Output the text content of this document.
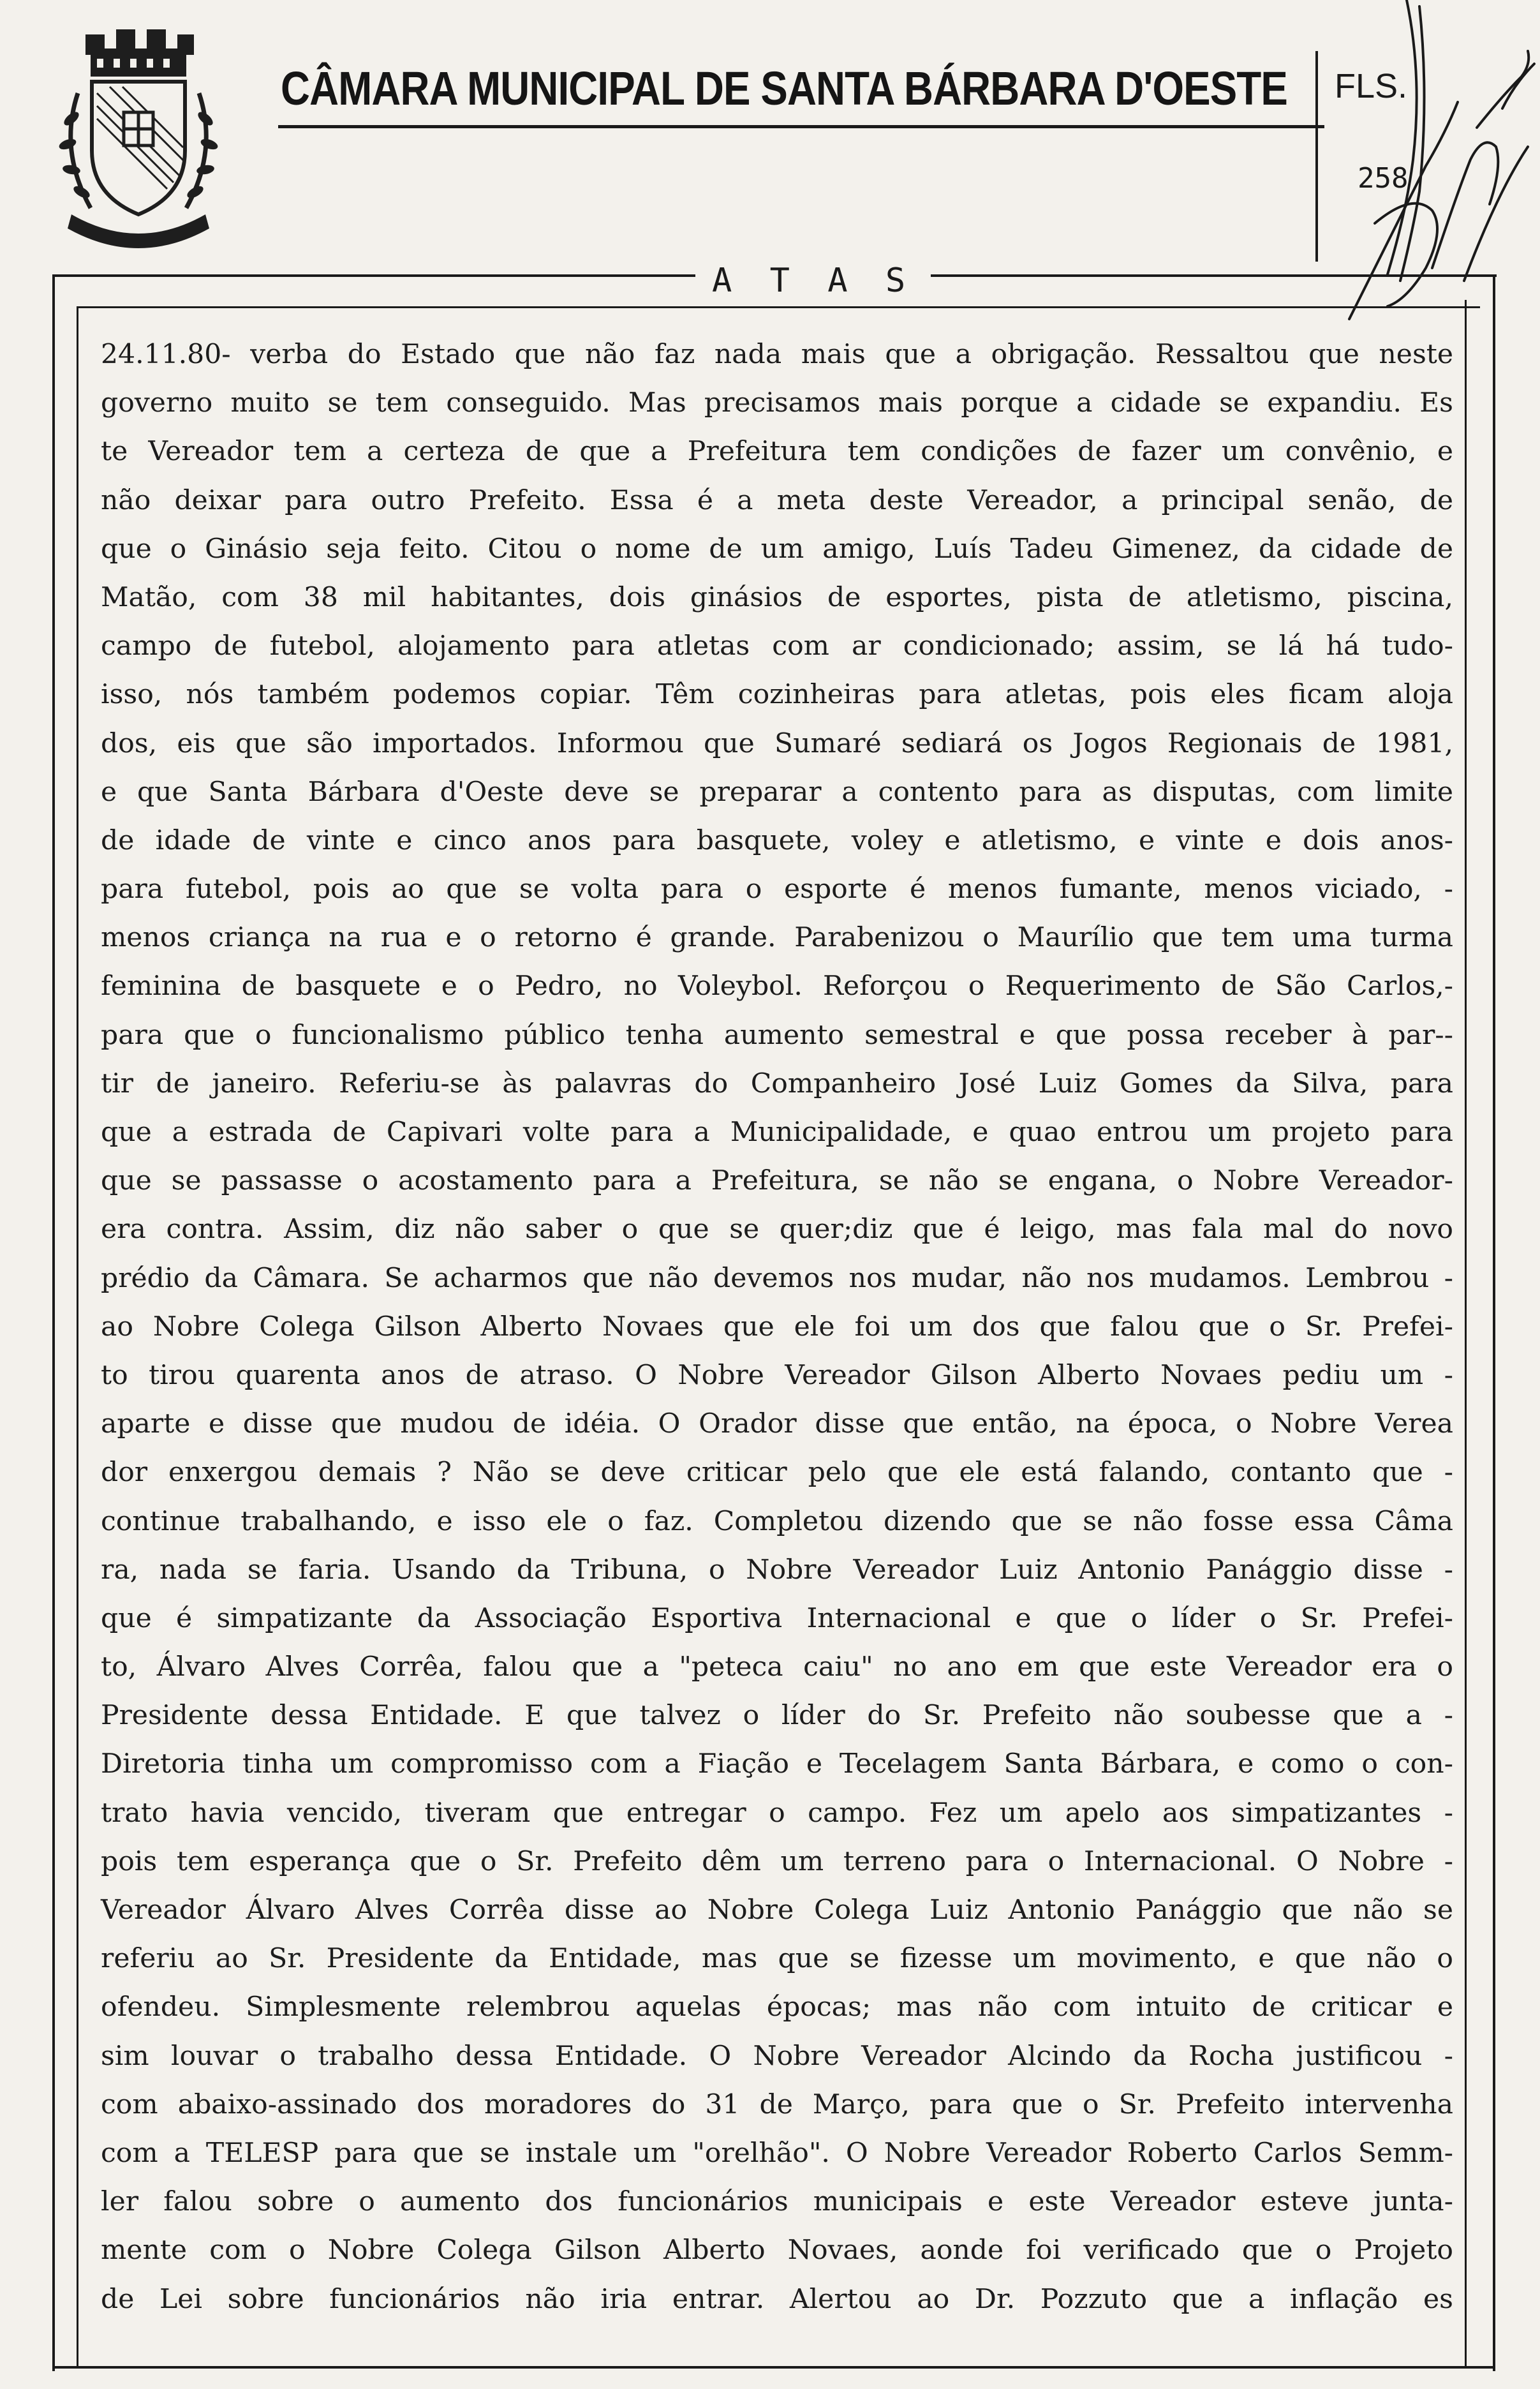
CÂMARA MUNICIPAL DE SANTA BÁRBARA D'OESTE FLS.
258
A T A S
24.11.80- verba do Estado que não faz nada mais que a obrigação. Ressaltou que neste
governo muito se tem conseguido. Mas precisamos mais porque a cidade se expandiu. Es
te Vereador tem a certeza de que a Prefeitura tem condições de fazer um convênio, e
não deixar para outro Prefeito. Essa é a meta deste Vereador, a principal senão, de
que o Ginásio seja feito. Citou o nome de um amigo, Luís Tadeu Gimenez, da cidade de
Matão, com 38 mil habitantes, dois ginásios de esportes, pista de atletismo, piscina,
campo de futebol, alojamento para atletas com ar condicionado; assim, se lá há tudo-
isso, nós também podemos copiar. Têm cozinheiras para atletas, pois eles ficam aloja
dos, eis que são importados. Informou que Sumaré sediará os Jogos Regionais de 1981,
e que Santa Bárbara d'Oeste deve se preparar a contento para as disputas, com limite
de idade de vinte e cinco anos para basquete, voley e atletismo, e vinte e dois anos-
para futebol, pois ao que se volta para o esporte é menos fumante, menos viciado, -
menos criança na rua e o retorno é grande. Parabenizou o Maurílio que tem uma turma
feminina de basquete e o Pedro, no Voleybol. Reforçou o Requerimento de São Carlos,-
para que o funcionalismo público tenha aumento semestral e que possa receber à par--
tir de janeiro. Referiu-se às palavras do Companheiro José Luiz Gomes da Silva, para
que a estrada de Capivari volte para a Municipalidade, e quao entrou um projeto para
que se passasse o acostamento para a Prefeitura, se não se engana, o Nobre Vereador-
era contra. Assim, diz não saber o que se quer;diz que é leigo, mas fala mal do novo
prédio da Câmara. Se acharmos que não devemos nos mudar, não nos mudamos. Lembrou -
ao Nobre Colega Gilson Alberto Novaes que ele foi um dos que falou que o Sr. Prefei-
to tirou quarenta anos de atraso. O Nobre Vereador Gilson Alberto Novaes pediu um -
aparte e disse que mudou de idéia. O Orador disse que então, na época, o Nobre Verea
dor enxergou demais ? Não se deve criticar pelo que ele está falando, contanto que -
continue trabalhando, e isso ele o faz. Completou dizendo que se não fosse essa Câma
ra, nada se faria. Usando da Tribuna, o Nobre Vereador Luiz Antonio Panággio disse -
que é simpatizante da Associação Esportiva Internacional e que o líder o Sr. Prefei-
to, Álvaro Alves Corrêa, falou que a "peteca caiu" no ano em que este Vereador era o
Presidente dessa Entidade. E que talvez o líder do Sr. Prefeito não soubesse que a -
Diretoria tinha um compromisso com a Fiação e Tecelagem Santa Bárbara, e como o con-
trato havia vencido, tiveram que entregar o campo. Fez um apelo aos simpatizantes -
pois tem esperança que o Sr. Prefeito dêm um terreno para o Internacional. O Nobre -
Vereador Álvaro Alves Corrêa disse ao Nobre Colega Luiz Antonio Panággio que não se
referiu ao Sr. Presidente da Entidade, mas que se fizesse um movimento, e que não o
ofendeu. Simplesmente relembrou aquelas épocas; mas não com intuito de criticar e
sim louvar o trabalho dessa Entidade. O Nobre Vereador Alcindo da Rocha justificou -
com abaixo-assinado dos moradores do 31 de Março, para que o Sr. Prefeito intervenha
com a TELESP para que se instale um "orelhão". O Nobre Vereador Roberto Carlos Semm-
ler falou sobre o aumento dos funcionários municipais e este Vereador esteve junta-
mente com o Nobre Colega Gilson Alberto Novaes, aonde foi verificado que o Projeto
de Lei sobre funcionários não iria entrar. Alertou ao Dr. Pozzuto que a inflação es
